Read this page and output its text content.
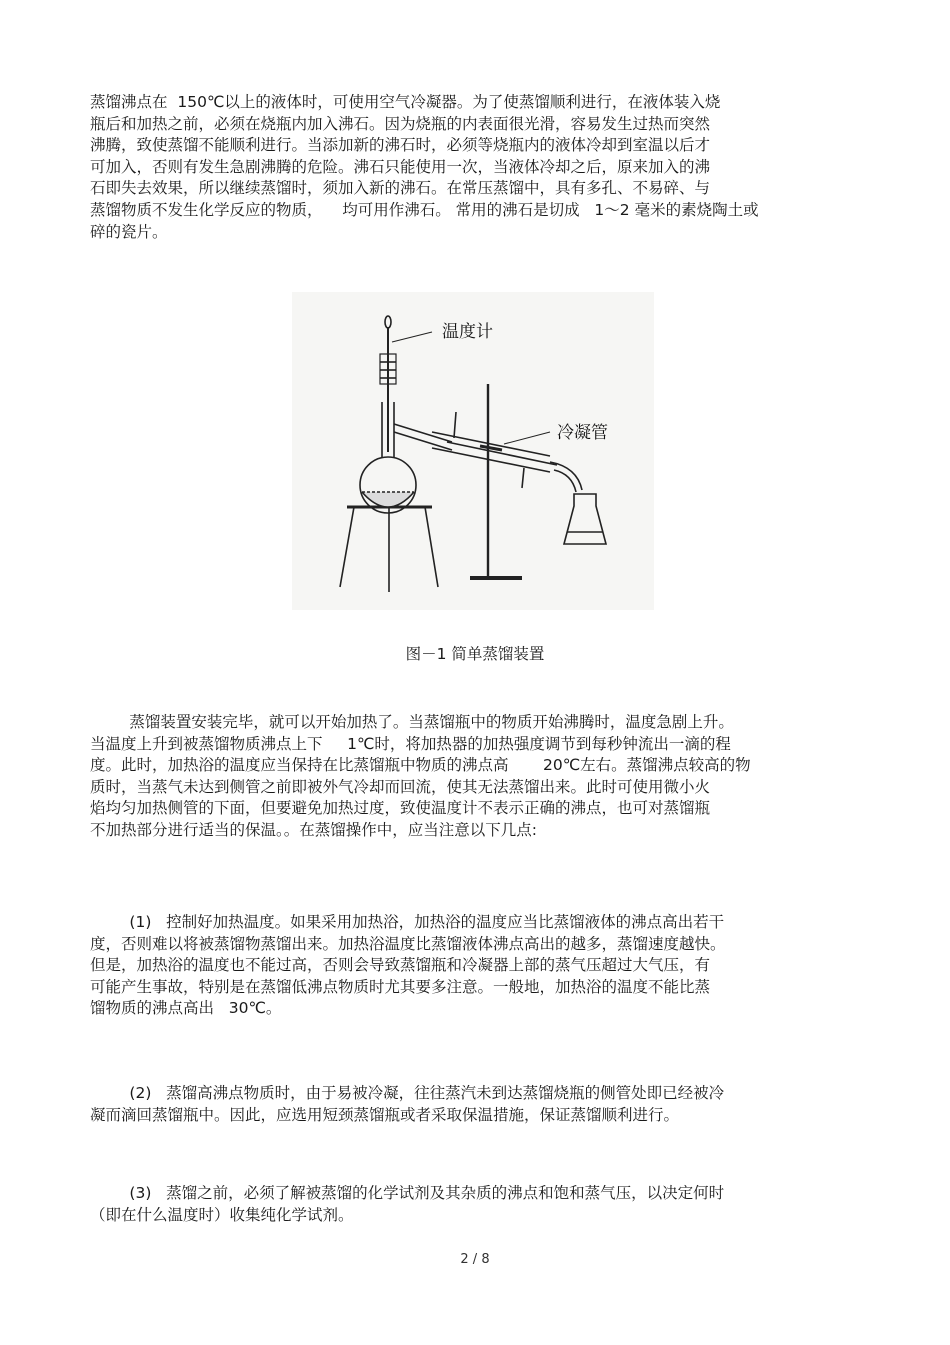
蒸馏沸点在  150℃以上的液体时，可使用空气冷凝器。为了使蒸馏顺利进行，在液体装入烧
瓶后和加热之前，必须在烧瓶内加入沸石。因为烧瓶的内表面很光滑，容易发生过热而突然
沸腾，致使蒸馏不能顺利进行。当添加新的沸石时，必须等烧瓶内的液体冷却到室温以后才
可加入，否则有发生急剧沸腾的危险。沸石只能使用一次，当液体冷却之后，原来加入的沸
石即失去效果，所以继续蒸馏时，须加入新的沸石。在常压蒸馏中，具有多孔、不易碎、与
蒸馏物质不发生化学反应的物质，    均可用作沸石。 常用的沸石是切成   1～2 毫米的素烧陶土或
碎的瓷片。
温度计
冷凝管
图－1 简单蒸馏装置
蒸馏装置安装完毕，就可以开始加热了。当蒸馏瓶中的物质开始沸腾时，温度急剧上升。
当温度上升到被蒸馏物质沸点上下     1℃时，将加热器的加热强度调节到每秒钟流出一滴的程
度。此时，加热浴的温度应当保持在比蒸馏瓶中物质的沸点高       20℃左右。蒸馏沸点较高的物
质时，当蒸气未达到侧管之前即被外气冷却而回流，使其无法蒸馏出来。此时可使用微小火
焰均匀加热侧管的下面，但要避免加热过度，致使温度计不表示正确的沸点，也可对蒸馏瓶
不加热部分进行适当的保温。。在蒸馏操作中，应当注意以下几点:
(1)   控制好加热温度。如果采用加热浴，加热浴的温度应当比蒸馏液体的沸点高出若干
度，否则难以将被蒸馏物蒸馏出来。加热浴温度比蒸馏液体沸点高出的越多，蒸馏速度越快。
但是，加热浴的温度也不能过高，否则会导致蒸馏瓶和冷凝器上部的蒸气压超过大气压，有
可能产生事故，特别是在蒸馏低沸点物质时尤其要多注意。一般地，加热浴的温度不能比蒸
馏物质的沸点高出   30℃。
(2)   蒸馏高沸点物质时，由于易被冷凝，往往蒸汽未到达蒸馏烧瓶的侧管处即已经被冷
凝而滴回蒸馏瓶中。因此，应选用短颈蒸馏瓶或者采取保温措施，保证蒸馏顺利进行。
(3)   蒸馏之前，必须了解被蒸馏的化学试剂及其杂质的沸点和饱和蒸气压，以决定何时
（即在什么温度时）收集纯化学试剂。
2 / 8
